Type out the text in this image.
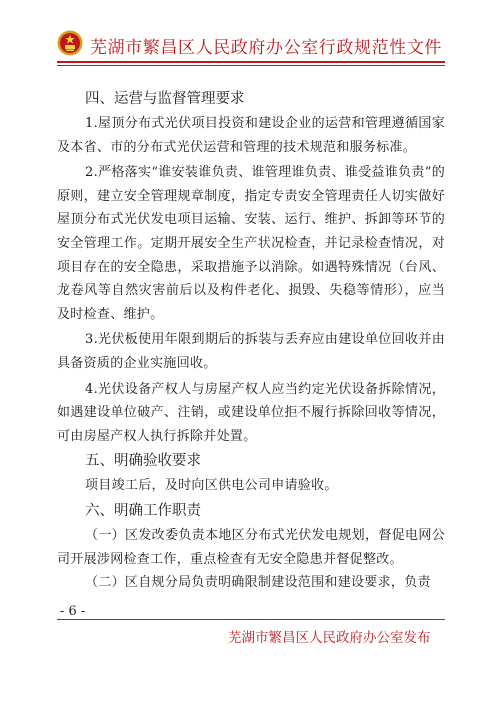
芜湖市繁昌区人民政府办公室行政规范性文件
四、运营与监督管理要求

1.屋顶分布式光伏项目投资和建设企业的运营和管理遵循国家及本省、市的分布式光伏运营和管理的技术规范和服务标准。

2.严格落实“谁安装谁负责、谁管理谁负责、谁受益谁负责”的原则，建立安全管理规章制度，指定专责安全管理责任人切实做好屋顶分布式光伏发电项目运输、安装、运行、维护、拆卸等环节的安全管理工作。定期开展安全生产状况检查，并记录检查情况，对项目存在的安全隐患，采取措施予以消除。如遇特殊情况（台风、龙卷风等自然灾害前后以及构件老化、损毁、失稳等情形），应当及时检查、维护。

3.光伏板使用年限到期后的拆装与丢弃应由建设单位回收并由具备资质的企业实施回收。

4.光伏设备产权人与房屋产权人应当约定光伏设备拆除情况，如遇建设单位破产、注销，或建设单位拒不履行拆除回收等情况，可由房屋产权人执行拆除并处置。

五、明确验收要求

项目竣工后，及时向区供电公司申请验收。

六、明确工作职责

（一）区发改委负责本地区分布式光伏发电规划，督促电网公司开展涉网检查工作，重点检查有无安全隐患并督促整改。

（二）区自规分局负责明确限制建设范围和建设要求，负责

- 6 -
芜湖市繁昌区人民政府办公室发布
